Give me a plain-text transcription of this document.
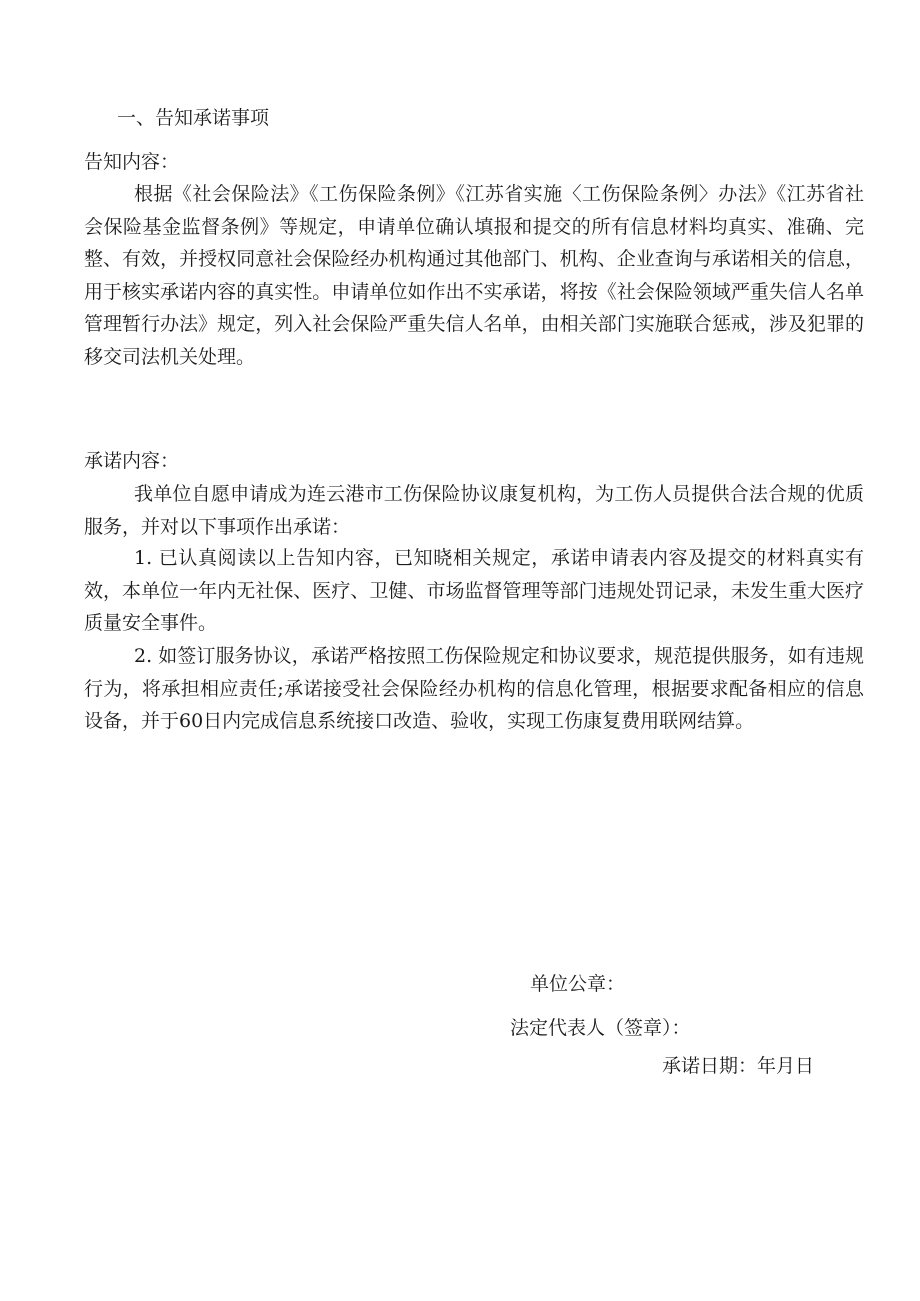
一、告知承诺事项
告知内容：
根据《社会保险法》《工伤保险条例》《江苏省实施〈工伤保险条例〉办法》《江苏省社会保险基金监督条例》等规定，申请单位确认填报和提交的所有信息材料均真实、准确、完整、有效，并授权同意社会保险经办机构通过其他部门、机构、企业查询与承诺相关的信息，用于核实承诺内容的真实性。申请单位如作出不实承诺，将按《社会保险领域严重失信人名单管理暂行办法》规定，列入社会保险严重失信人名单，由相关部门实施联合惩戒，涉及犯罪的移交司法机关处理。
承诺内容：
我单位自愿申请成为连云港市工伤保险协议康复机构，为工伤人员提供合法合规的优质服务，并对以下事项作出承诺：
1. 已认真阅读以上告知内容，已知晓相关规定，承诺申请表内容及提交的材料真实有效，本单位一年内无社保、医疗、卫健、市场监督管理等部门违规处罚记录，未发生重大医疗质量安全事件。
2. 如签订服务协议，承诺严格按照工伤保险规定和协议要求，规范提供服务，如有违规行为，将承担相应责任;承诺接受社会保险经办机构的信息化管理，根据要求配备相应的信息设备，并于60日内完成信息系统接口改造、验收，实现工伤康复费用联网结算。
单位公章：
法定代表人（签章）：
承诺日期：年月日
